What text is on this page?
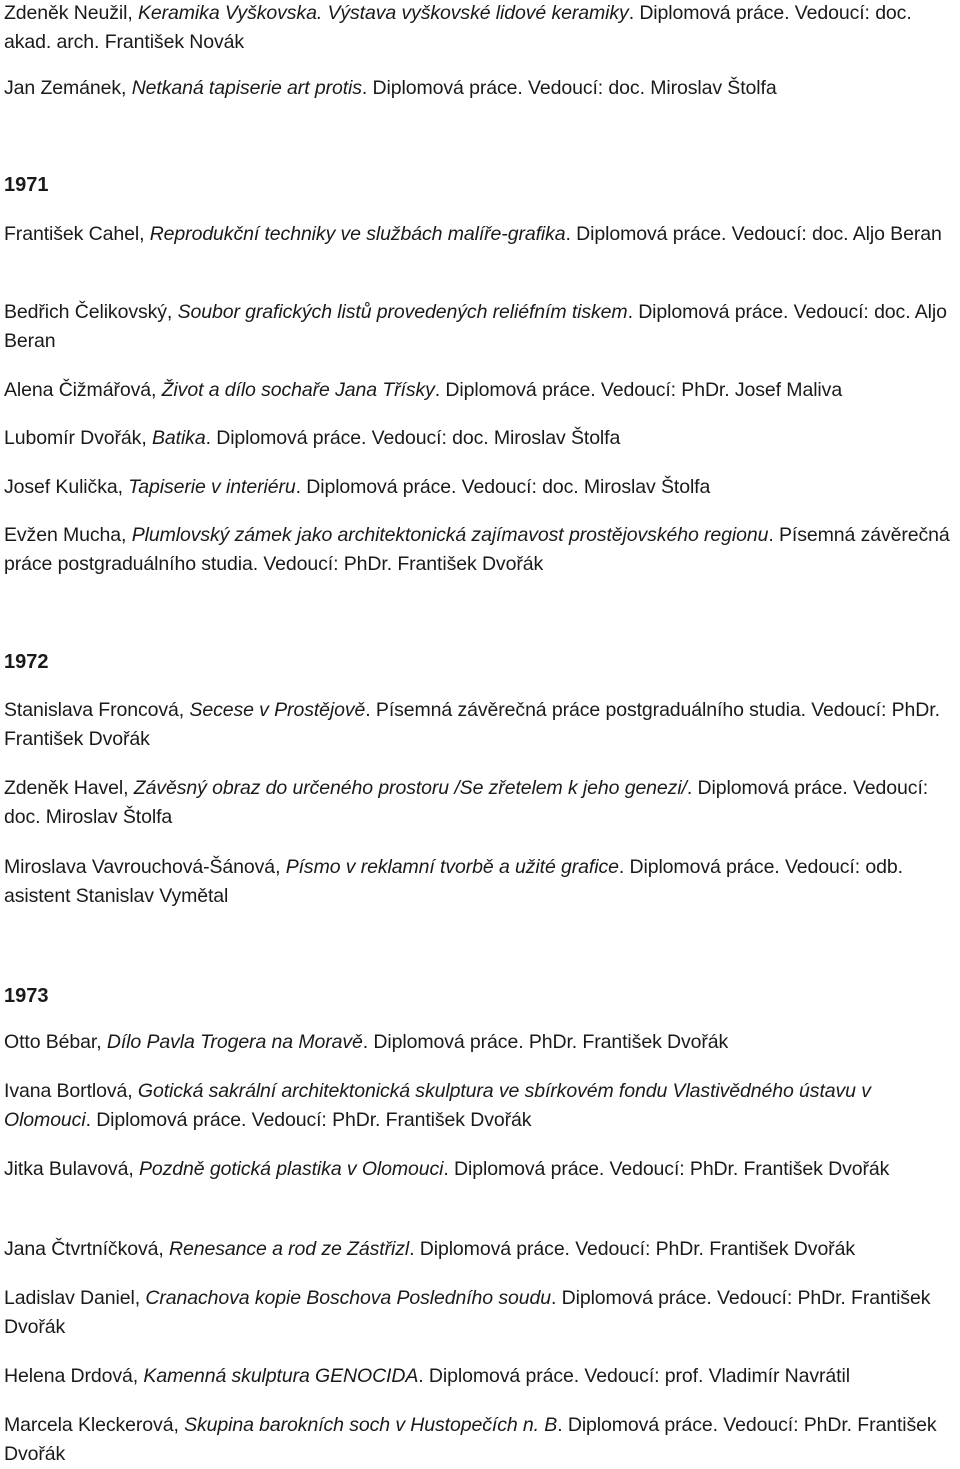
Zdeněk Neužil, Keramika Vyškovska. Výstava vyškovské lidové keramiky. Diplomová práce. Vedoucí: doc. akad. arch. František Novák

Jan Zemánek, Netkaná tapiserie art protis. Diplomová práce. Vedoucí: doc. Miroslav Štolfa

1971

František Cahel, Reprodukční techniky ve službách malíře-grafika. Diplomová práce. Vedoucí: doc. Aljo Beran

Bedřich Čelikovský, Soubor grafických listů provedených reliéfním tiskem. Diplomová práce. Vedoucí: doc. Aljo Beran

Alena Čižmářová, Život a dílo sochaře Jana Třísky. Diplomová práce. Vedoucí: PhDr. Josef Maliva

Lubomír Dvořák, Batika. Diplomová práce. Vedoucí: doc. Miroslav Štolfa

Josef Kulička, Tapiserie v interiéru. Diplomová práce. Vedoucí: doc. Miroslav Štolfa

Evžen Mucha, Plumlovský zámek jako architektonická zajímavost prostějovského regionu. Písemná závěrečná práce postgraduálního studia. Vedoucí: PhDr. František Dvořák

1972

Stanislava Froncová, Secese v Prostějově. Písemná závěrečná práce postgraduálního studia. Vedoucí: PhDr. František Dvořák

Zdeněk Havel, Závěsný obraz do určeného prostoru /Se zřetelem k jeho genezi/. Diplomová práce. Vedoucí: doc. Miroslav Štolfa

Miroslava Vavrouchová-Šánová, Písmo v reklamní tvorbě a užité grafice. Diplomová práce. Vedoucí: odb. asistent Stanislav Vymětal

1973

Otto Bébar, Dílo Pavla Trogera na Moravě. Diplomová práce. PhDr. František Dvořák

Ivana Bortlová, Gotická sakrální architektonická skulptura ve sbírkovém fondu Vlastivědného ústavu v Olomouci. Diplomová práce. Vedoucí: PhDr. František Dvořák

Jitka Bulavová, Pozdně gotická plastika v Olomouci. Diplomová práce. Vedoucí: PhDr. František Dvořák

Jana Čtvrtníčková, Renesance a rod ze Zástřizl. Diplomová práce. Vedoucí: PhDr. František Dvořák

Ladislav Daniel, Cranachova kopie Boschova Posledního soudu. Diplomová práce. Vedoucí: PhDr. František Dvořák

Helena Drdová, Kamenná skulptura GENOCIDA. Diplomová práce. Vedoucí: prof. Vladimír Navrátil

Marcela Kleckerová, Skupina barokních soch v Hustopečích n. B. Diplomová práce. Vedoucí: PhDr. František Dvořák
